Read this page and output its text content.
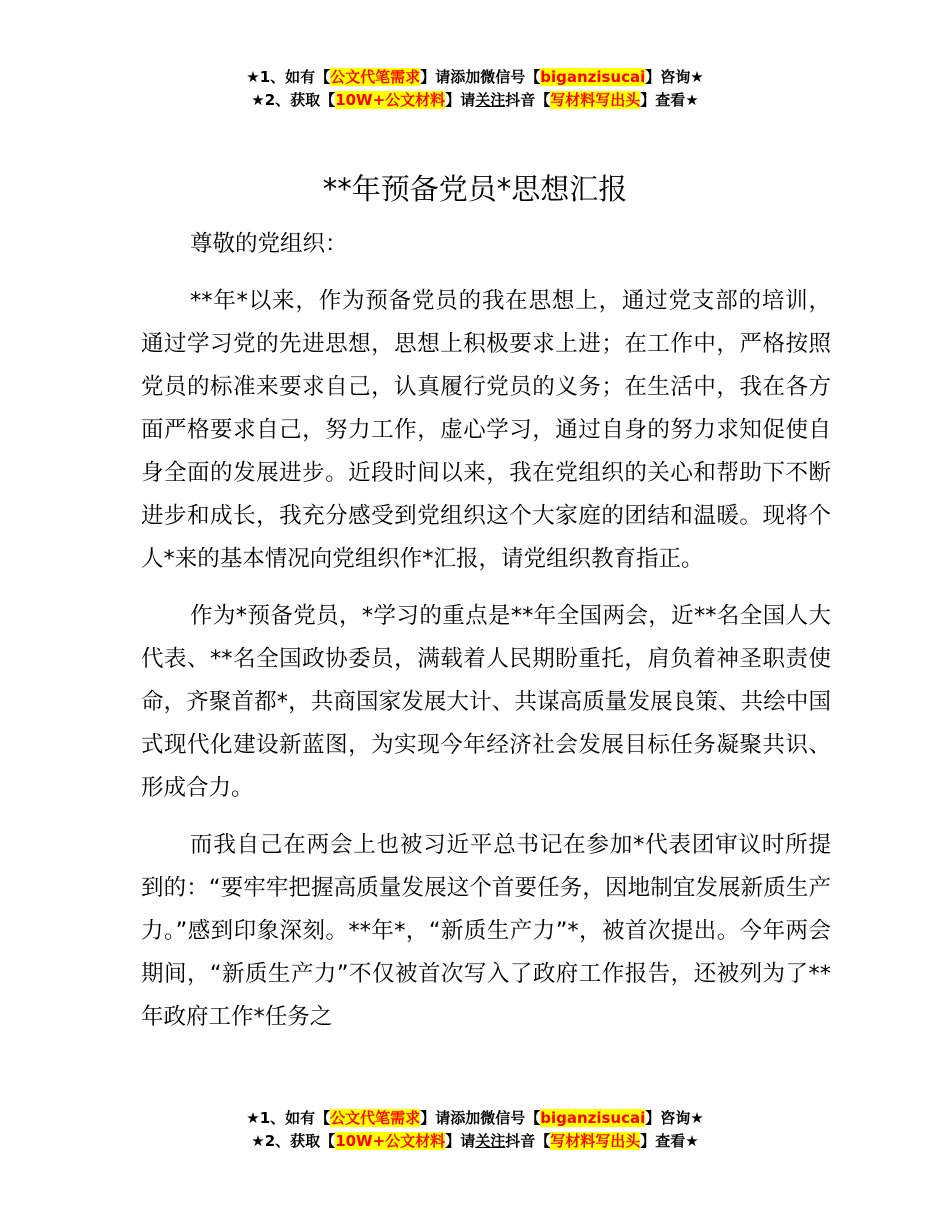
★1、如有【公文代笔需求】请添加微信号【biganzisucai】咨询★
★2、获取【10W+公文材料】请关注抖音【写材料写出头】查看★
**年预备党员*思想汇报

尊敬的党组织：

**年*以来，作为预备党员的我在思想上，通过党支部的培训，通过学习党的先进思想，思想上积极要求上进；在工作中，严格按照党员的标准来要求自己，认真履行党员的义务；在生活中，我在各方面严格要求自己，努力工作，虚心学习，通过自身的努力求知促使自身全面的发展进步。近段时间以来，我在党组织的关心和帮助下不断进步和成长，我充分感受到党组织这个大家庭的团结和温暖。现将个人*来的基本情况向党组织作*汇报，请党组织教育指正。

作为*预备党员，*学习的重点是**年全国两会，近**名全国人大代表、**名全国政协委员，满载着人民期盼重托，肩负着神圣职责使命，齐聚首都*，共商国家发展大计、共谋高质量发展良策、共绘中国式现代化建设新蓝图，为实现今年经济社会发展目标任务凝聚共识、形成合力。

而我自己在两会上也被习近平总书记在参加*代表团审议时所提到的：“要牢牢把握高质量发展这个首要任务，因地制宜发展新质生产力。”感到印象深刻。**年*，“新质生产力”*，被首次提出。今年两会期间，“新质生产力”不仅被首次写入了政府工作报告，还被列为了**年政府工作*任务之

★1、如有【公文代笔需求】请添加微信号【biganzisucai】咨询★
★2、获取【10W+公文材料】请关注抖音【写材料写出头】查看★
